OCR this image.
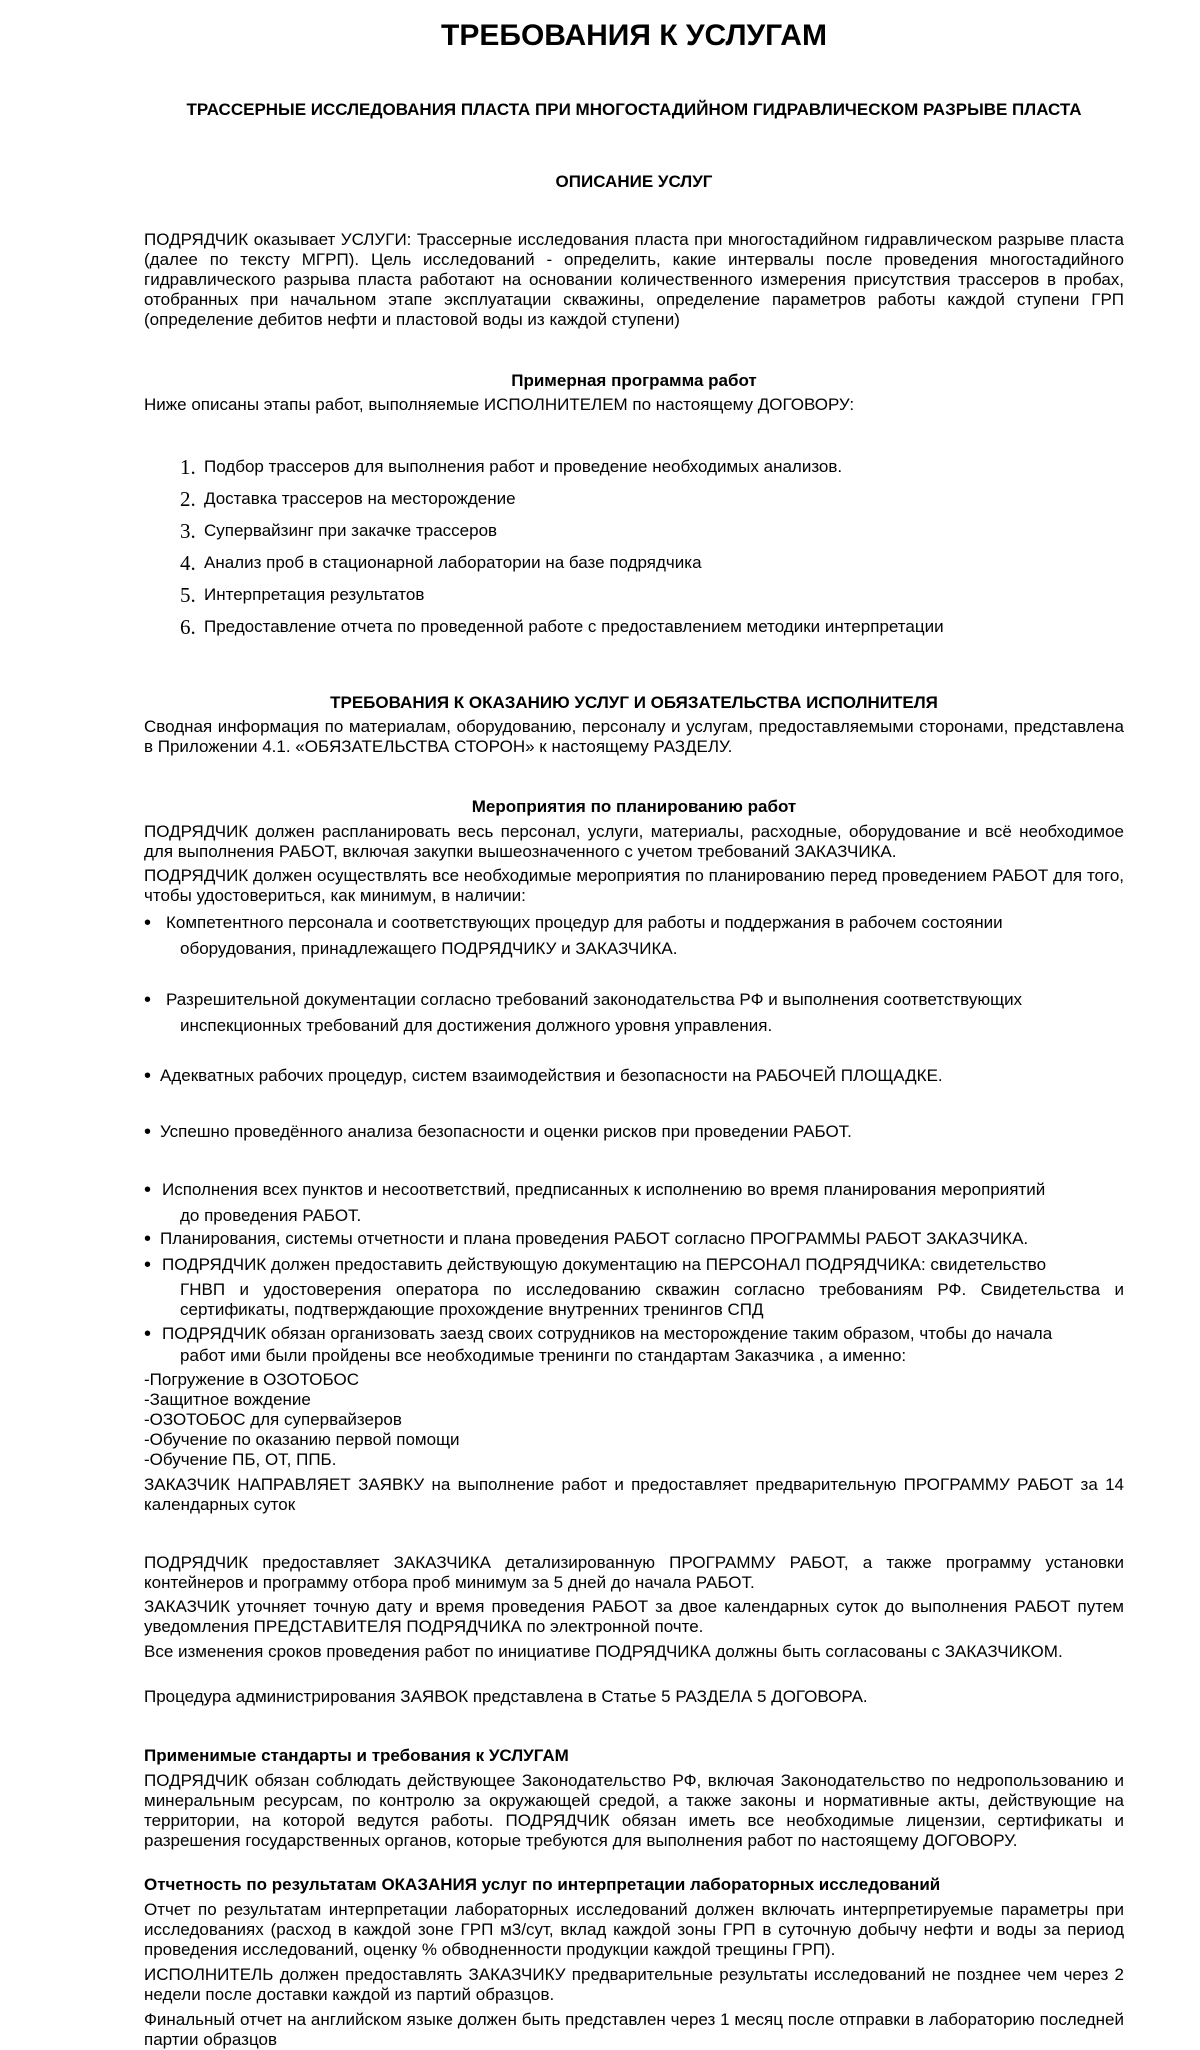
ТРЕБОВАНИЯ К УСЛУГАМ
ТРАССЕРНЫЕ ИССЛЕДОВАНИЯ ПЛАСТА ПРИ МНОГОСТАДИЙНОМ ГИДРАВЛИЧЕСКОМ РАЗРЫВЕ ПЛАСТА
ОПИСАНИЕ УСЛУГ
ПОДРЯДЧИК оказывает УСЛУГИ: Трассерные исследования пласта при многостадийном гидравлическом разрыве пласта (далее по тексту МГРП). Цель исследований - определить, какие интервалы после проведения многостадийного гидравлического разрыва пласта работают на основании количественного измерения присутствия трассеров в пробах, отобранных при начальном этапе эксплуатации скважины, определение параметров работы каждой ступени ГРП (определение дебитов нефти и пластовой воды из каждой ступени)
Примерная программа работ
Ниже описаны этапы работ, выполняемые ИСПОЛНИТЕЛЕМ по настоящему ДОГОВОРУ:
1. Подбор трассеров для выполнения работ и проведение необходимых анализов.
2. Доставка трассеров на месторождение
3. Супервайзинг при закачке трассеров
4. Анализ проб в стационарной лаборатории на базе подрядчика
5. Интерпретация результатов
6. Предоставление отчета по проведенной работе с предоставлением методики интерпретации
ТРЕБОВАНИЯ К ОКАЗАНИЮ УСЛУГ И ОБЯЗАТЕЛЬСТВА ИСПОЛНИТЕЛЯ
Сводная информация по материалам, оборудованию, персоналу и услугам, предоставляемыми сторонами, представлена в Приложении 4.1. «ОБЯЗАТЕЛЬСТВА СТОРОН» к настоящему РАЗДЕЛУ.
Мероприятия по планированию работ
ПОДРЯДЧИК должен распланировать весь персонал, услуги, материалы, расходные, оборудование и всё необходимое для выполнения РАБОТ, включая закупки вышеозначенного с учетом требований ЗАКАЗЧИКА.
ПОДРЯДЧИК должен осуществлять все необходимые мероприятия по планированию перед проведением РАБОТ для того, чтобы удостовериться, как минимум, в наличии:
• Компетентного персонала и соответствующих процедур для работы и поддержания в рабочем состоянии
оборудования, принадлежащего ПОДРЯДЧИКУ и ЗАКАЗЧИКА.
• Разрешительной документации согласно требований законодательства РФ и выполнения соответствующих
инспекционных требований для достижения должного уровня управления.
• Адекватных рабочих процедур, систем взаимодействия и безопасности на РАБОЧЕЙ ПЛОЩАДКЕ.
• Успешно проведённого анализа безопасности и оценки рисков при проведении РАБОТ.
• Исполнения всех пунктов и несоответствий, предписанных к исполнению во время планирования мероприятий
до проведения РАБОТ.
• Планирования, системы отчетности и плана проведения РАБОТ согласно ПРОГРАММЫ РАБОТ ЗАКАЗЧИКА.
• ПОДРЯДЧИК должен предоставить действующую документацию на ПЕРСОНАЛ ПОДРЯДЧИКА: свидетельство
ГНВП и удостоверения оператора по исследованию скважин согласно требованиям РФ. Свидетельства и сертификаты, подтверждающие прохождение внутренних тренингов СПД
• ПОДРЯДЧИК обязан организовать заезд своих сотрудников на месторождение таким образом, чтобы до начала
работ ими были пройдены все необходимые тренинги по стандартам Заказчика , а именно:
-Погружение в ОЗОТОБОС
-Защитное вождение
-ОЗОТОБОС для супервайзеров
-Обучение по оказанию первой помощи
-Обучение ПБ, ОТ, ППБ.
ЗАКАЗЧИК НАПРАВЛЯЕТ ЗАЯВКУ на выполнение работ и предоставляет предварительную ПРОГРАММУ РАБОТ за 14 календарных суток
ПОДРЯДЧИК предоставляет ЗАКАЗЧИКА детализированную ПРОГРАММУ РАБОТ, а также программу установки контейнеров и программу отбора проб минимум за 5 дней до начала РАБОТ.
ЗАКАЗЧИК уточняет точную дату и время проведения РАБОТ за двое календарных суток до выполнения РАБОТ путем уведомления ПРЕДСТАВИТЕЛЯ ПОДРЯДЧИКА по электронной почте.
Все изменения сроков проведения работ по инициативе ПОДРЯДЧИКА должны быть согласованы с ЗАКАЗЧИКОМ.
Процедура администрирования ЗАЯВОК представлена в Статье 5 РАЗДЕЛА 5 ДОГОВОРА.
Применимые стандарты и требования к УСЛУГАМ
ПОДРЯДЧИК обязан соблюдать действующее Законодательство РФ, включая Законодательство по недропользованию и минеральным ресурсам, по контролю за окружающей средой, а также законы и нормативные акты, действующие на территории, на которой ведутся работы. ПОДРЯДЧИК обязан иметь все необходимые лицензии, сертификаты и разрешения государственных органов, которые требуются для выполнения работ по настоящему ДОГОВОРУ.
Отчетность по результатам ОКАЗАНИЯ услуг по интерпретации лабораторных исследований
Отчет по результатам интерпретации лабораторных исследований должен включать интерпретируемые параметры при исследованиях (расход в каждой зоне ГРП м3/сут, вклад каждой зоны ГРП в суточную добычу нефти и воды за период проведения исследований, оценку % обводненности продукции каждой трещины ГРП).
ИСПОЛНИТЕЛЬ должен предоставлять ЗАКАЗЧИКУ предварительные результаты исследований не позднее чем через 2 недели после доставки каждой из партий образцов.
Финальный отчет на английском языке должен быть представлен через 1 месяц после отправки в лабораторию последней партии образцов
